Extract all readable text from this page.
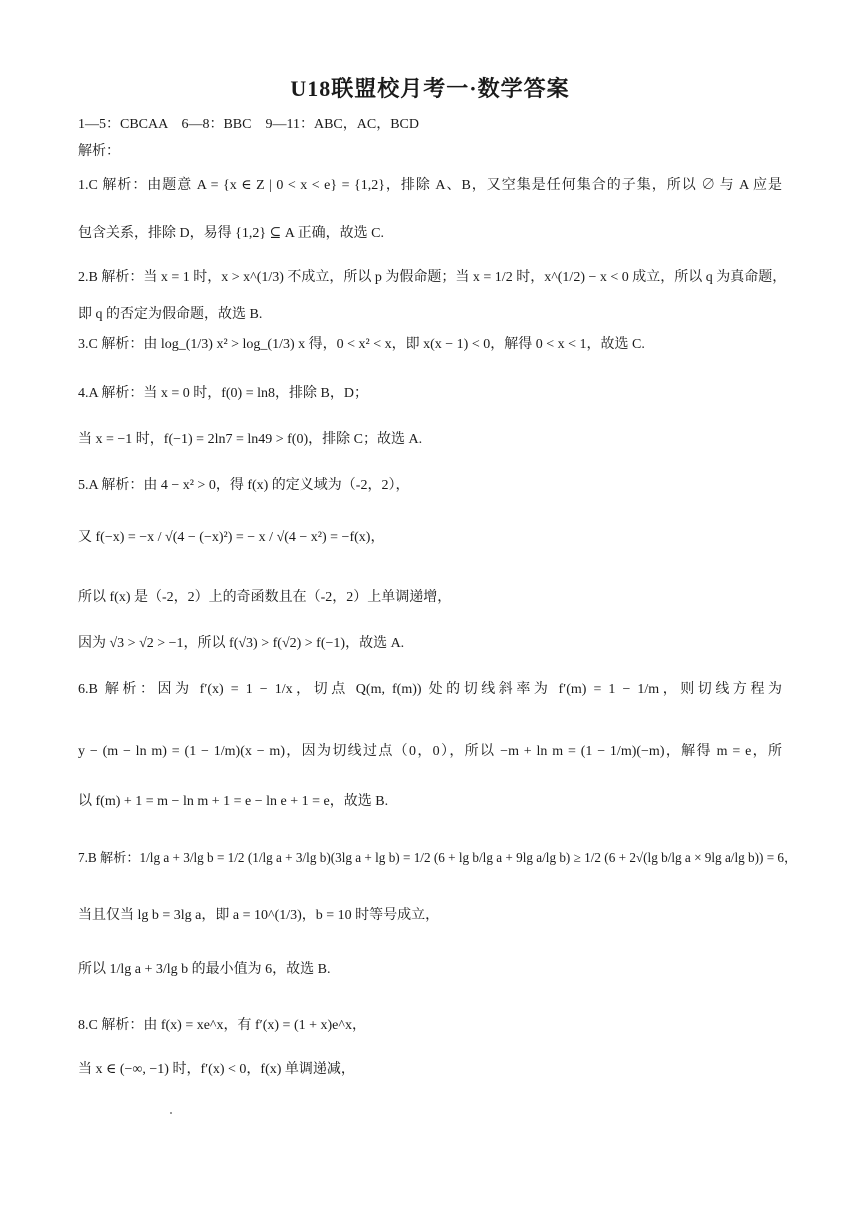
U18联盟校月考一·数学答案
1—5：CBCAA　6—8：BBC　9—11：ABC，AC，BCD
解析：
1.C 解析：由题意 A = {x ∈ Z | 0 < x < e} = {1,2}，排除 A、B，又空集是任何集合的子集，所以 ∅ 与 A 应是
包含关系，排除 D，易得 {1,2} ⊆ A 正确，故选 C.
2.B 解析：当 x = 1 时，x > x^(1/3) 不成立，所以 p 为假命题；当 x = 1/2 时，x^(1/2) − x < 0 成立，所以 q 为真命题，
即 q 的否定为假命题，故选 B.
3.C 解析：由 log_(1/3) x² > log_(1/3) x 得，0 < x² < x，即 x(x − 1) < 0，解得 0 < x < 1，故选 C.
4.A 解析：当 x = 0 时，f(0) = ln8，排除 B，D；
当 x = −1 时，f(−1) = 2ln7 = ln49 > f(0)，排除 C；故选 A.
5.A 解析：由 4 − x² > 0，得 f(x) 的定义域为（-2，2），
又 f(−x) = −x / √(4 − (−x)²) = − x / √(4 − x²) = −f(x)，
所以 f(x) 是（-2，2）上的奇函数且在（-2，2）上单调递增，
因为 √3 > √2 > −1，所以 f(√3) > f(√2) > f(−1)，故选 A.
6.B 解析：因为 f′(x) = 1 − 1/x，切点 Q(m, f(m)) 处的切线斜率为 f′(m) = 1 − 1/m，则切线方程为
y − (m − ln m) = (1 − 1/m)(x − m)，因为切线过点（0，0），所以 −m + ln m = (1 − 1/m)(−m)，解得 m = e，所
以 f(m) + 1 = m − ln m + 1 = e − ln e + 1 = e，故选 B.
7.B 解析：1/lg a + 3/lg b = 1/2 (1/lg a + 3/lg b)(3lg a + lg b) = 1/2 (6 + lg b/lg a + 9lg a/lg b) ≥ 1/2 (6 + 2√(lg b/lg a × 9lg a/lg b)) = 6，
当且仅当 lg b = 3lg a，即 a = 10^(1/3)，b = 10 时等号成立，
所以 1/lg a + 3/lg b 的最小值为 6，故选 B.
8.C 解析：由 f(x) = xe^x，有 f′(x) = (1 + x)e^x，
当 x ∈ (−∞, −1) 时，f′(x) < 0，f(x) 单调递减，
